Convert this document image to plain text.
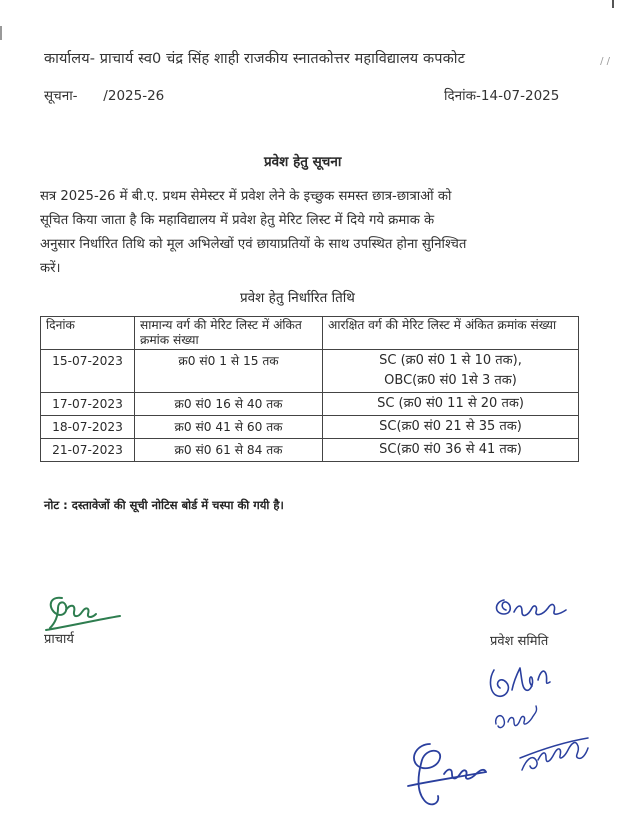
/ /
कार्यालय- प्राचार्य स्व0 चंद्र सिंह शाही राजकीय स्नातकोत्तर महाविद्यालय कपकोट
सूचना-      /2025-26	दिनांक-14-07-2025
प्रवेश हेतु सूचना
सत्र 2025-26 में बी.ए. प्रथम सेमेस्टर में प्रवेश लेने के इच्छुक समस्त छात्र-छात्राओं को
सूचित किया जाता है कि महाविद्यालय में प्रवेश हेतु मेरिट लिस्ट में दिये गये क्रमाक के
अनुसार निर्धारित तिथि को मूल अभिलेखों एवं छायाप्रतियों के साथ उपस्थित होना सुनिश्चित
करें।
प्रवेश हेतु निर्धारित तिथि
दिनांक	सामान्य वर्ग की मेरिट लिस्ट में अंकित क्रमांक संख्या	आरक्षित वर्ग की मेरिट लिस्ट में अंकित क्रमांक संख्या
15-07-2023	क्र0 सं0 1 से 15 तक	SC (क्र0 सं0 1 से 10 तक),
OBC(क्र0 सं0 1से 3 तक)

17-07-2023	क्र0 सं0 16 से 40 तक	SC (क्र0 सं0 11 से 20 तक)

18-07-2023	क्र0 सं0 41 से 60 तक	SC(क्र0 सं0 21 से 35 तक)

21-07-2023	क्र0 सं0 61 से 84 तक	SC(क्र0 सं0 36 से 41 तक)
नोट : दस्तावेजों की सूची नोटिस बोर्ड में चस्पा की गयी है।
प्राचार्य	प्रवेश समिति
